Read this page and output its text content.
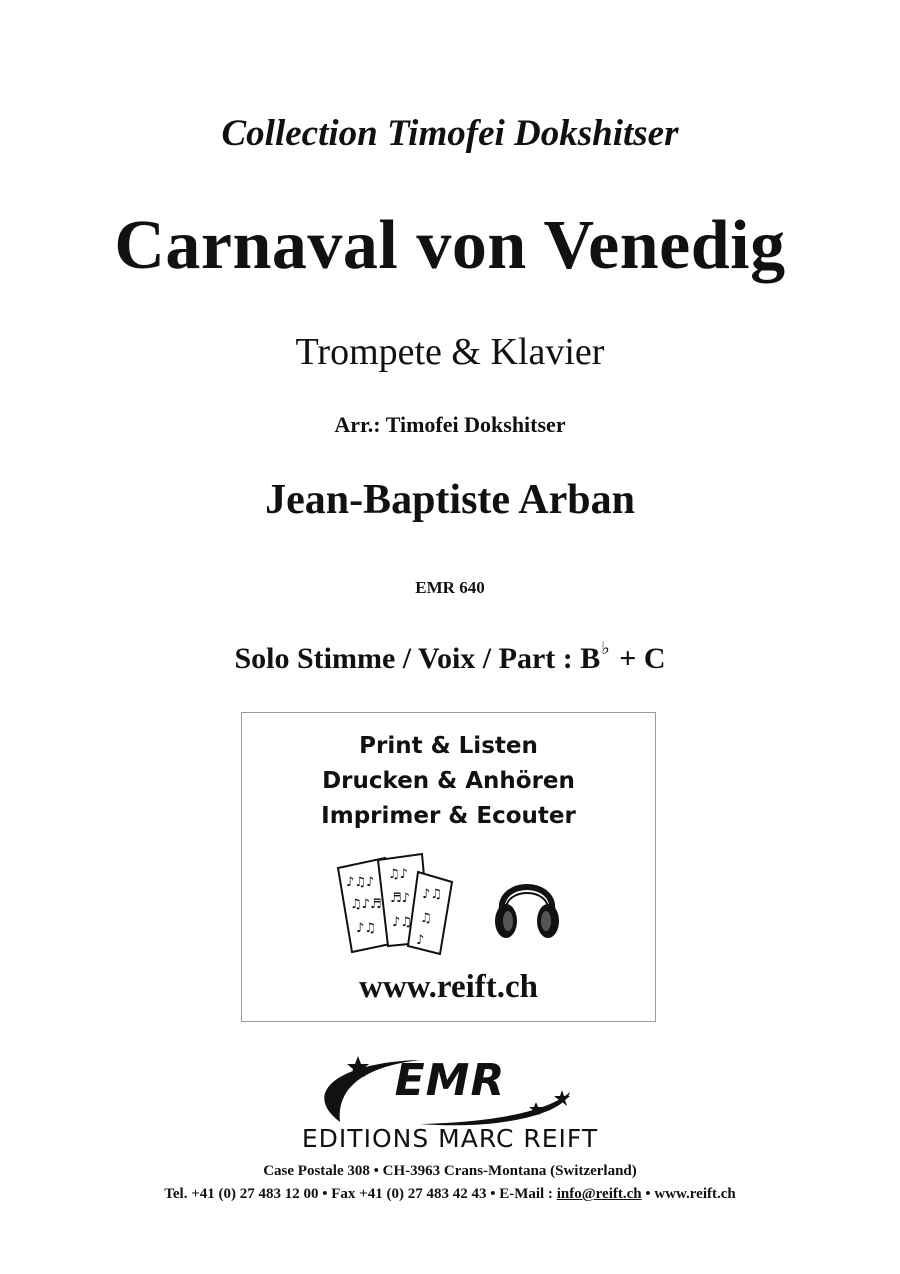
Collection Timofei Dokshitser
Carnaval von Venedig
Trompete & Klavier
Arr.: Timofei Dokshitser
Jean-Baptiste Arban
EMR 640
Solo Stimme / Voix / Part : B♭ + C
Print & Listen
Drucken & Anhören
Imprimer & Ecouter
♪♫♪
♫♪♬
♪♫
♫♪
♬♪
♪♫
♪♫
♫
♪
www.reift.ch
EMR
EDITIONS MARC REIFT
Case Postale 308 • CH-3963 Crans-Montana (Switzerland)
Tel. +41 (0) 27 483 12 00 • Fax +41 (0) 27 483 42 43 • E-Mail : info@reift.ch • www.reift.ch
